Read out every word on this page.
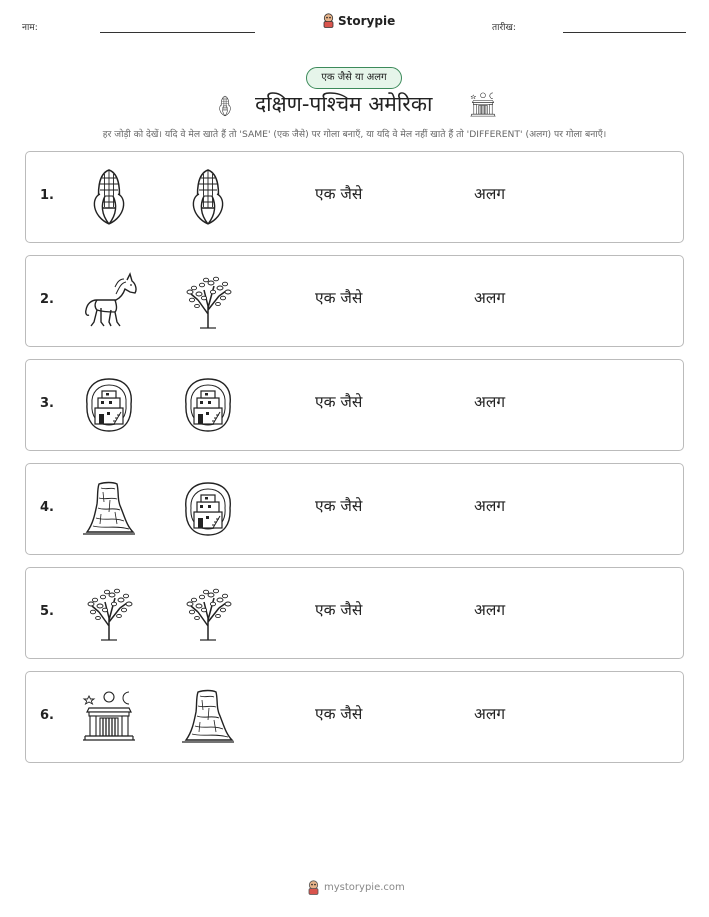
नाम:
Storypie
तारीख:
एक जैसे या अलग
दक्षिण-पश्चिम अमेरिका
हर जोड़ी को देखें। यदि वे मेल खाते हैं तो 'SAME' (एक जैसे) पर गोला बनाएँ, या यदि वे मेल नहीं खाते हैं तो 'DIFFERENT' (अलग) पर गोला बनाएँ।
1.	एक जैसे	अलग
2.	एक जैसे	अलग
3.	एक जैसे	अलग
4.	एक जैसे	अलग
5.	एक जैसे	अलग
6.	एक जैसे	अलग
mystorypie.com
